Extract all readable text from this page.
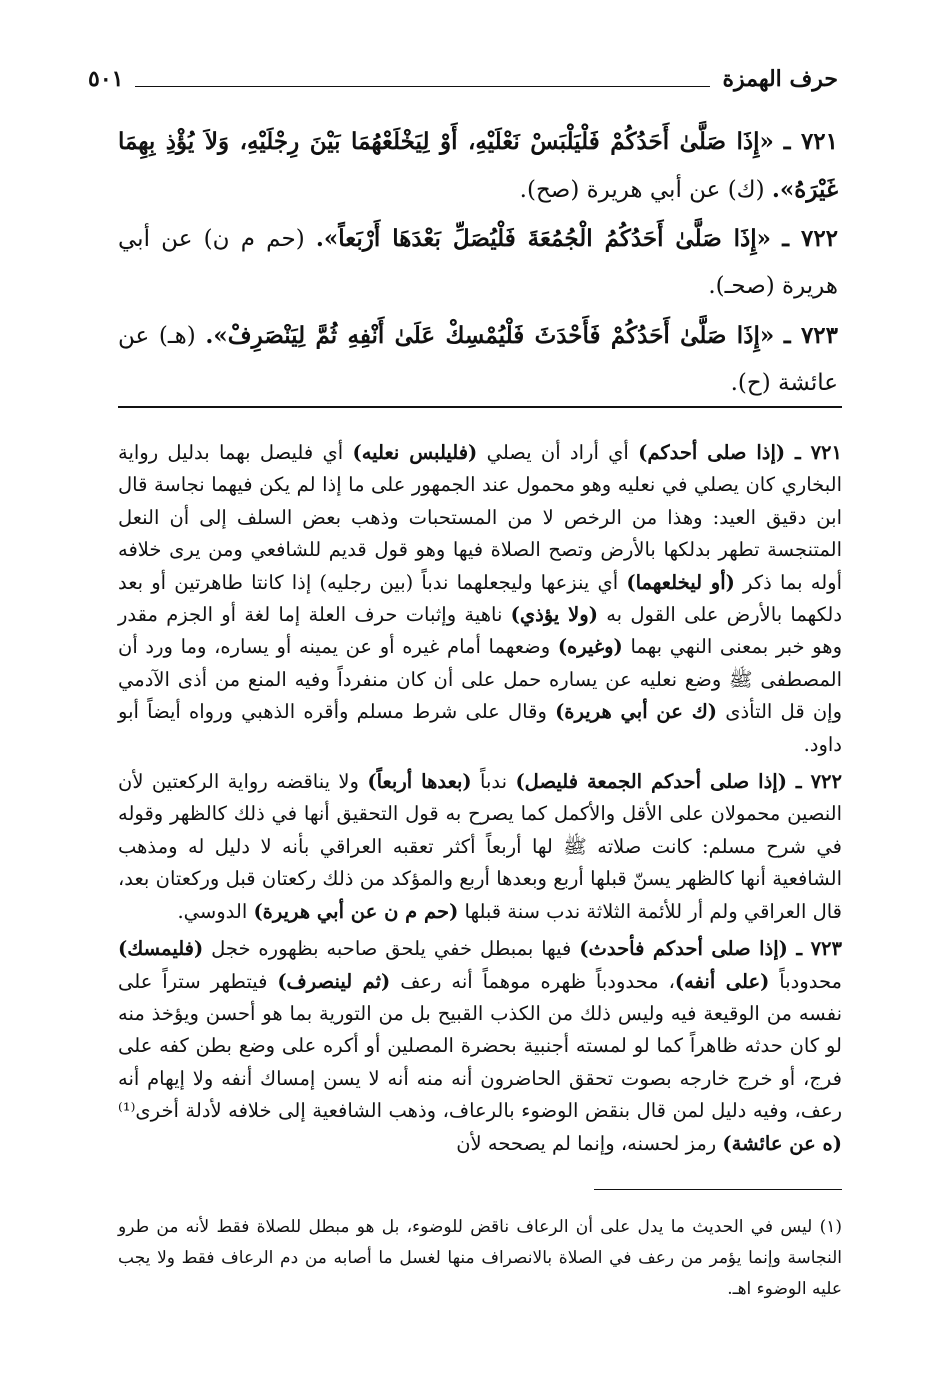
حرف الهمزة
٥٠١
٧٢١ ـ «إِذَا صَلَّىٰ أَحَدُكُمْ فَلْيَلْبَسْ نَعْلَيْهِ، أَوْ لِيَخْلَعْهُمَا بَيْنَ رِجْلَيْهِ، وَلاَ يُؤْذِ بِهِمَا غَيْرَهُ». (ك) عن أبي هريرة (صح).
٧٢٢ ـ «إِذَا صَلَّىٰ أَحَدُكُمُ الْجُمُعَةَ فَلْيُصَلِّ بَعْدَهَا أَرْبَعاً». (حم م ن) عن أبي هريرة (صحـ).
٧٢٣ ـ «إِذَا صَلَّىٰ أَحَدُكُمْ فَأَحْدَثَ فَلْيُمْسِكْ عَلَىٰ أَنْفِهِ ثُمَّ لِيَنْصَرِفْ». (هـ) عن عائشة (ح).

٧٢١ ـ (إذا صلى أحدكم) أي أراد أن يصلي (فليلبس نعليه) أي فليصل بهما بدليل رواية البخاري كان يصلي في نعليه وهو محمول عند الجمهور على ما إذا لم يكن فيهما نجاسة قال ابن دقيق العيد: وهذا من الرخص لا من المستحبات وذهب بعض السلف إلى أن النعل المتنجسة تطهر بدلكها بالأرض وتصح الصلاة فيها وهو قول قديم للشافعي ومن يرى خلافه أوله بما ذكر (أو ليخلعهما) أي ينزعها وليجعلهما ندباً (بين رجليه) إذا كانتا طاهرتين أو بعد دلكهما بالأرض على القول به (ولا يؤذي) ناهية وإثبات حرف العلة إما لغة أو الجزم مقدر وهو خبر بمعنى النهي بهما (وغيره) وضعهما أمام غيره أو عن يمينه أو يساره، وما ورد أن المصطفى ﷺ وضع نعليه عن يساره حمل على أن كان منفرداً وفيه المنع من أذى الآدمي وإن قل التأذى (ك عن أبي هريرة) وقال على شرط مسلم وأقره الذهبي ورواه أيضاً أبو داود.

٧٢٢ ـ (إذا صلى أحدكم الجمعة فليصل) ندباً (بعدها أربعاً) ولا يناقضه رواية الركعتين لأن النصين محمولان على الأقل والأكمل كما يصرح به قول التحقيق أنها في ذلك كالظهر وقوله في شرح مسلم: كانت صلاته ﷺ لها أربعاً أكثر تعقبه العراقي بأنه لا دليل له ومذهب الشافعية أنها كالظهر يسنّ قبلها أربع وبعدها أربع والمؤكد من ذلك ركعتان قبل وركعتان بعد، قال العراقي ولم أر للأئمة الثلاثة ندب سنة قبلها (حم م ن عن أبي هريرة) الدوسي.

٧٢٣ ـ (إذا صلى أحدكم فأحدث) فيها بمبطل خفي يلحق صاحبه بظهوره خجل (فليمسك) محدودباً (على أنفه)، محدودباً ظهره موهماً أنه رعف (ثم لينصرف) فيتطهر ستراً على نفسه من الوقيعة فيه وليس ذلك من الكذب القبيح بل من التورية بما هو أحسن ويؤخذ منه لو كان حدثه ظاهراً كما لو لمسته أجنبية بحضرة المصلين أو أكره على وضع بطن كفه على فرج، أو خرج خارجه بصوت تحقق الحاضرون أنه منه أنه لا يسن إمساك أنفه ولا إيهام أنه رعف، وفيه دليل لمن قال بنقض الوضوء بالرعاف، وذهب الشافعية إلى خلافه لأدلة أخرى⁽¹⁾ (ه عن عائشة) رمز لحسنه، وإنما لم يصححه لأن

(١) ليس في الحديث ما يدل على أن الرعاف ناقض للوضوء، بل هو مبطل للصلاة فقط لأنه من طرو النجاسة وإنما يؤمر من رعف في الصلاة بالانصراف منها لغسل ما أصابه من دم الرعاف فقط ولا يجب عليه الوضوء اهـ.
